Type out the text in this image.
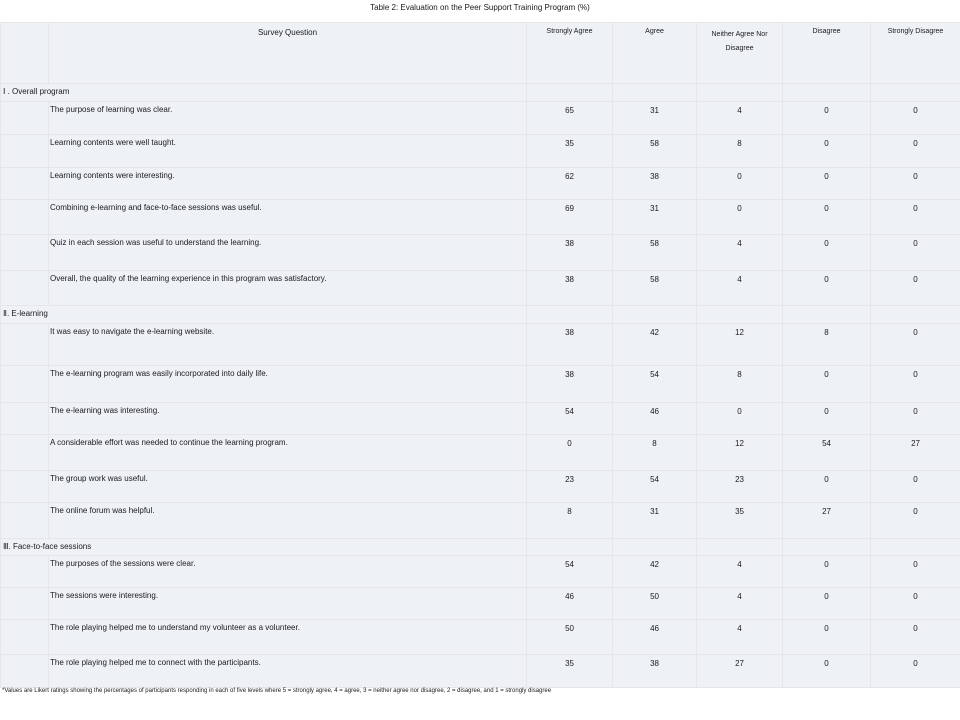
Table 2: Evaluation on the Peer Support Training Program (%)
	Survey Question	Strongly Agree	Agree	Neither Agree Nor Disagree	Disagree	Strongly Disagree
Ⅰ . Overall program						
	The purpose of learning was clear.	65	31	4	0	0
	Learning contents were well taught.	35	58	8	0	0
	Learning contents were interesting.	62	38	0	0	0
	Combining e-learning and face-to-face sessions was useful.	69	31	0	0	0
	Quiz in each session was useful to understand the learning.	38	58	4	0	0
	Overall, the quality of the learning experience in this program was satisfactory.	38	58	4	0	0
Ⅱ. E-learning						
	It was easy to navigate the e-learning website.	38	42	12	8	0
	The e-learning program was easily incorporated into daily life.	38	54	8	0	0
	The e-learning was interesting.	54	46	0	0	0
	A considerable effort was needed to continue the learning program.	0	8	12	54	27
	The group work was useful.	23	54	23	0	0
	The online forum was helpful.	8	31	35	27	0
Ⅲ. Face-to-face sessions						
	The purposes of the sessions were clear.	54	42	4	0	0
	The sessions were interesting.	46	50	4	0	0
	The role playing helped me to understand my volunteer as a volunteer.	50	46	4	0	0
	The role playing helped me to connect with the participants.	35	38	27	0	0
*Values are Likert ratings showing the percentages of participants responding in each of five levels where 5 = strongly agree, 4 = agree, 3 = neither agree nor disagree, 2 = disagree, and 1 = strongly disagree
